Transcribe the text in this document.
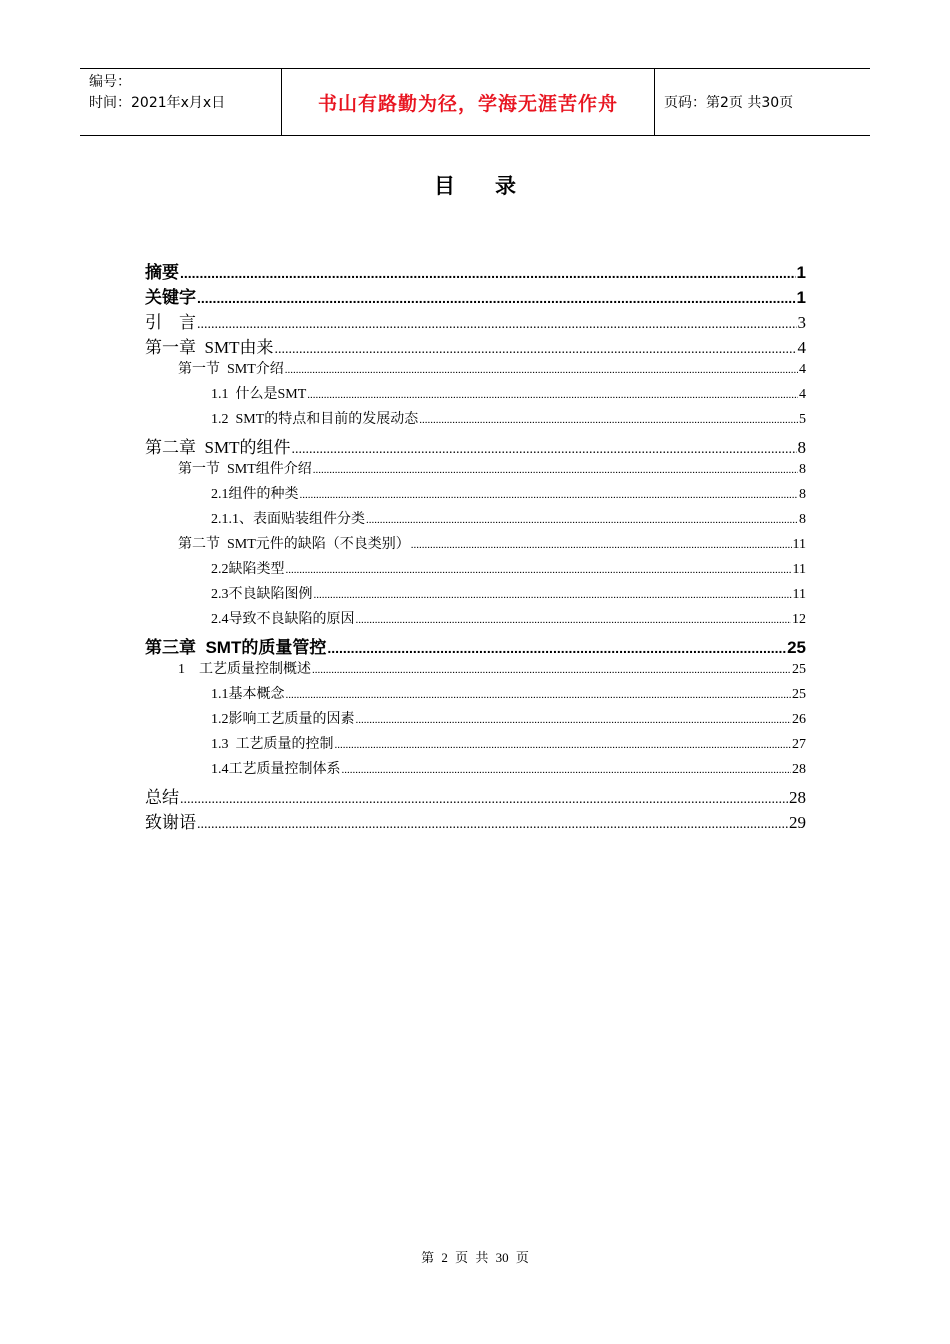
编号：
时间：2021年x月x日	书山有路勤为径，学海无涯苦作舟	页码：第2页 共30页
目录
摘要 .....	1
关键字 .....	1
引    言 .....	3
第一章  SMT由来 .....	4
第一节  SMT介绍 .....	4
1.1  什么是SMT .....	4
1.2  SMT的特点和目前的发展动态 .....	5
第二章  SMT的组件 .....	8
第一节  SMT组件介绍 .....	8
2.1组件的种类 .....	8
2.1.1、表面贴装组件分类 .....	8
第二节  SMT元件的缺陷（不良类别） .....	11
2.2缺陷类型 .....	11
2.3不良缺陷图例 .....	11
2.4导致不良缺陷的原因 .....	12
第三章  SMT的质量管控 .....	25
1    工艺质量控制概述 .....	25
1.1基本概念 .....	25
1.2影响工艺质量的因素 .....	26
1.3  工艺质量的控制 .....	27
1.4工艺质量控制体系 .....	28
总结 .....	28
致谢语 .....	29
第 2 页 共 30 页
